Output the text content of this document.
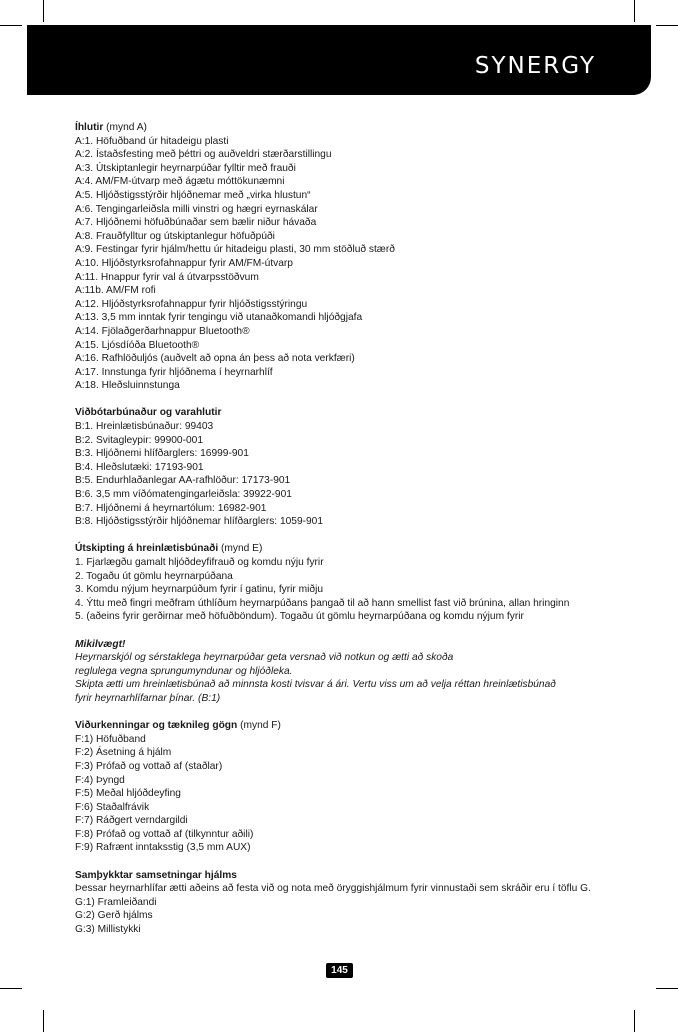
SYNERGY
Íhlutir (mynd A)
A:1. Höfuðband úr hitadeigu plasti
A:2. Ístaðsfesting með þéttri og auðveldri stærðarstillingu
A:3. Útskiptanlegir heyrnarpúðar fylltir með frauði
A:4. AM/FM-útvarp með ágætu móttökunæmni
A:5. Hljóðstigsstýrðir hljóðnemar með „virka hlustun“
A:6. Tengingarleiðsla milli vinstri og hægri eyrnaskálar
A:7. Hljóðnemi höfuðbúnaðar sem bælir niður hávaða
A:8. Frauðfylltur og útskiptanlegur höfuðpúði
A:9. Festingar fyrir hjálm/hettu úr hitadeigu plasti, 30 mm stöðluð stærð
A:10. Hljóðstyrksrofahnappur fyrir AM/FM-útvarp
A:11. Hnappur fyrir val á útvarpsstöðvum
A:11b. AM/FM rofi
A:12. Hljóðstyrksrofahnappur fyrir hljóðstigsstýringu
A:13. 3,5 mm inntak fyrir tengingu við utanaðkomandi hljóðgjafa
A:14. Fjölaðgerðarhnappur Bluetooth®
A:15. Ljósdíóða Bluetooth®
A:16. Rafhlöðuljós (auðvelt að opna án þess að nota verkfæri)
A:17. Innstunga fyrir hljóðnema í heyrnarhlíf
A:18. Hleðsluinnstunga
Viðbótarbúnaður og varahlutir
B:1. Hreinlætisbúnaður: 99403
B:2. Svitagleypir: 99900-001
B:3. Hljóðnemi hlífðarglers: 16999-901
B:4. Hleðslutæki: 17193-901
B:5. Endurhlaðanlegar AA-rafhlöður: 17173-901
B:6. 3,5 mm víðómatengingarleiðsla: 39922-901
B:7. Hljóðnemi á heyrnartólum: 16982-901
B:8. Hljóðstigsstýrðir hljóðnemar hlífðarglers: 1059-901
Útskipting á hreinlætisbúnaði (mynd E)
1. Fjarlægðu gamalt hljóðdeyfifrauð og komdu nýju fyrir
2. Togaðu út gömlu heyrnarpúðana
3. Komdu nýjum heyrnarpúðum fyrir í gatinu, fyrir miðju
4. Ýttu með fingri meðfram úthlíðum heyrnarpúðans þangað til að hann smellist fast við brúnina, allan hringinn
5. (aðeins fyrir gerðirnar með höfuðböndum). Togaðu út gömlu heyrnarpúðana og komdu nýjum fyrir
Mikilvægt!
Heyrnarskjól og sérstaklega heyrnarpúðar geta versnað við notkun og ætti að skoða
reglulega vegna sprungumyndunar og hljóðleka.
Skipta ætti um hreinlætisbúnað að minnsta kosti tvisvar á ári. Vertu viss um að velja réttan hreinlætisbúnað
fyrir heyrnarhlífarnar þínar. (B:1)
Viðurkenningar og tæknileg gögn (mynd F)
F:1) Höfuðband
F:2) Ásetning á hjálm
F:3) Prófað og vottað af (staðlar)
F:4) Þyngd
F:5) Meðal hljóðdeyfing
F:6) Staðalfrávik
F:7) Ráðgert verndargildi
F:8) Prófað og vottað af (tilkynntur aðili)
F:9) Rafrænt inntaksstig (3,5 mm AUX)
Samþykktar samsetningar hjálms
Þessar heyrnarhlífar ætti aðeins að festa við og nota með öryggishjálmum fyrir vinnustaði sem skráðir eru í töflu G.
G:1) Framleiðandi
G:2) Gerð hjálms
G:3) Millistykki
145
